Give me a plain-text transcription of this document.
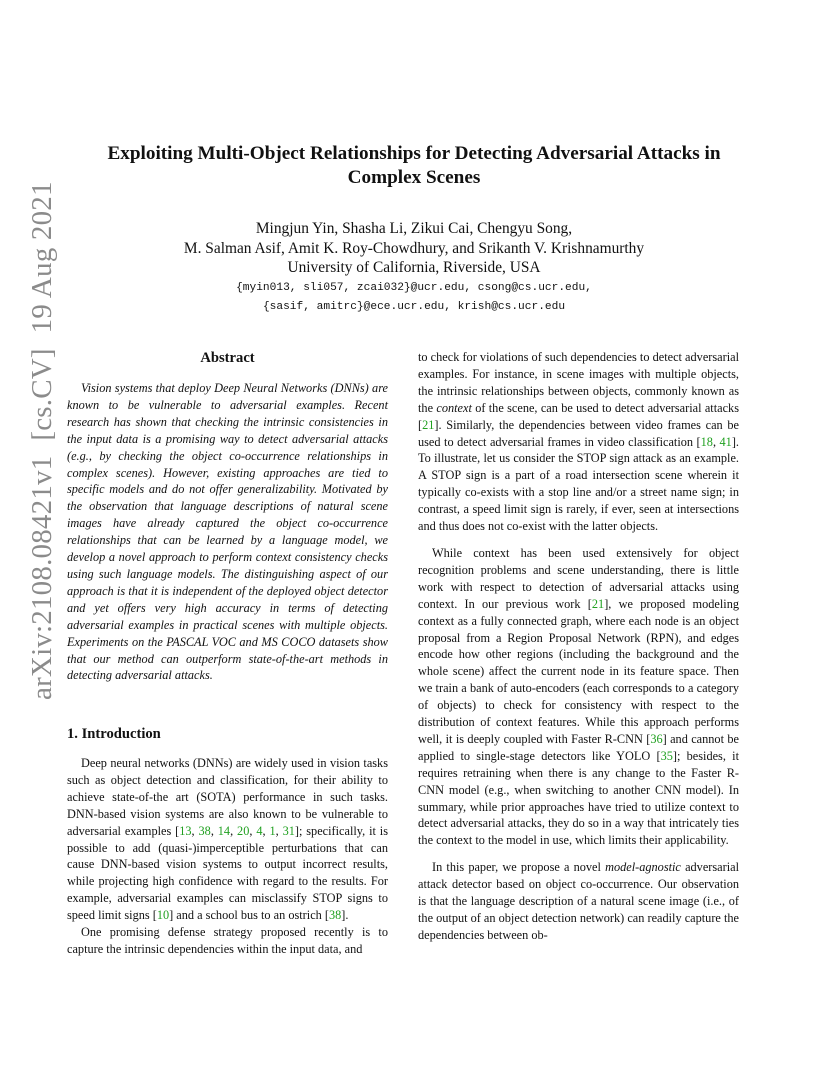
arXiv:2108.08421v1  [cs.CV]  19 Aug 2021
Exploiting Multi-Object Relationships for Detecting Adversarial Attacks in
Complex Scenes
Mingjun Yin, Shasha Li, Zikui Cai, Chengyu Song,
M. Salman Asif, Amit K. Roy-Chowdhury, and Srikanth V. Krishnamurthy
University of California, Riverside, USA
{myin013, sli057, zcai032}@ucr.edu, csong@cs.ucr.edu,
{sasif, amitrc}@ece.ucr.edu, krish@cs.ucr.edu
Abstract

Vision systems that deploy Deep Neural Networks (DNNs) are known to be vulnerable to adversarial examples. Recent research has shown that checking the intrinsic consistencies in the input data is a promising way to detect adversarial attacks (e.g., by checking the object co-occurrence relationships in complex scenes). However, existing approaches are tied to specific models and do not offer generalizability. Motivated by the observation that language descriptions of natural scene images have already captured the object co-occurrence relationships that can be learned by a language model, we develop a novel approach to perform context consistency checks using such language models. The distinguishing aspect of our approach is that it is independent of the deployed object detector and yet offers very high accuracy in terms of detecting adversarial examples in practical scenes with multiple objects. Experiments on the PASCAL VOC and MS COCO datasets show that our method can outperform state-of-the-art methods in detecting adversarial attacks.

1. Introduction

Deep neural networks (DNNs) are widely used in vision tasks such as object detection and classification, for their ability to achieve state-of-the art (SOTA) performance in such tasks. DNN-based vision systems are also known to be vulnerable to adversarial examples [13, 38, 14, 20, 4, 1, 31]; specifically, it is possible to add (quasi-)imperceptible perturbations that can cause DNN-based vision systems to output incorrect results, while projecting high confidence with regard to the results. For example, adversarial examples can misclassify STOP signs to speed limit signs [10] and a school bus to an ostrich [38].

One promising defense strategy proposed recently is to capture the intrinsic dependencies within the input data, and

to check for violations of such dependencies to detect adversarial examples. For instance, in scene images with multiple objects, the intrinsic relationships between objects, commonly known as the context of the scene, can be used to detect adversarial attacks [21]. Similarly, the dependencies between video frames can be used to detect adversarial frames in video classification [18, 41]. To illustrate, let us consider the STOP sign attack as an example. A STOP sign is a part of a road intersection scene wherein it typically co-exists with a stop line and/or a street name sign; in contrast, a speed limit sign is rarely, if ever, seen at intersections and thus does not co-exist with the latter objects.

While context has been used extensively for object recognition problems and scene understanding, there is little work with respect to detection of adversarial attacks using context. In our previous work [21], we proposed modeling context as a fully connected graph, where each node is an object proposal from a Region Proposal Network (RPN), and edges encode how other regions (including the background and the whole scene) affect the current node in its feature space. Then we train a bank of auto-encoders (each corresponds to a category of objects) to check for consistency with respect to the distribution of context features. While this approach performs well, it is deeply coupled with Faster R-CNN [36] and cannot be applied to single-stage detectors like YOLO [35]; besides, it requires retraining when there is any change to the Faster R-CNN model (e.g., when switching to another CNN model). In summary, while prior approaches have tried to utilize context to detect adversarial attacks, they do so in a way that intricately ties the context to the model in use, which limits their applicability.

In this paper, we propose a novel model-agnostic adversarial attack detector based on object co-occurrence. Our observation is that the language description of a natural scene image (i.e., of the output of an object detection network) can readily capture the dependencies between ob-
